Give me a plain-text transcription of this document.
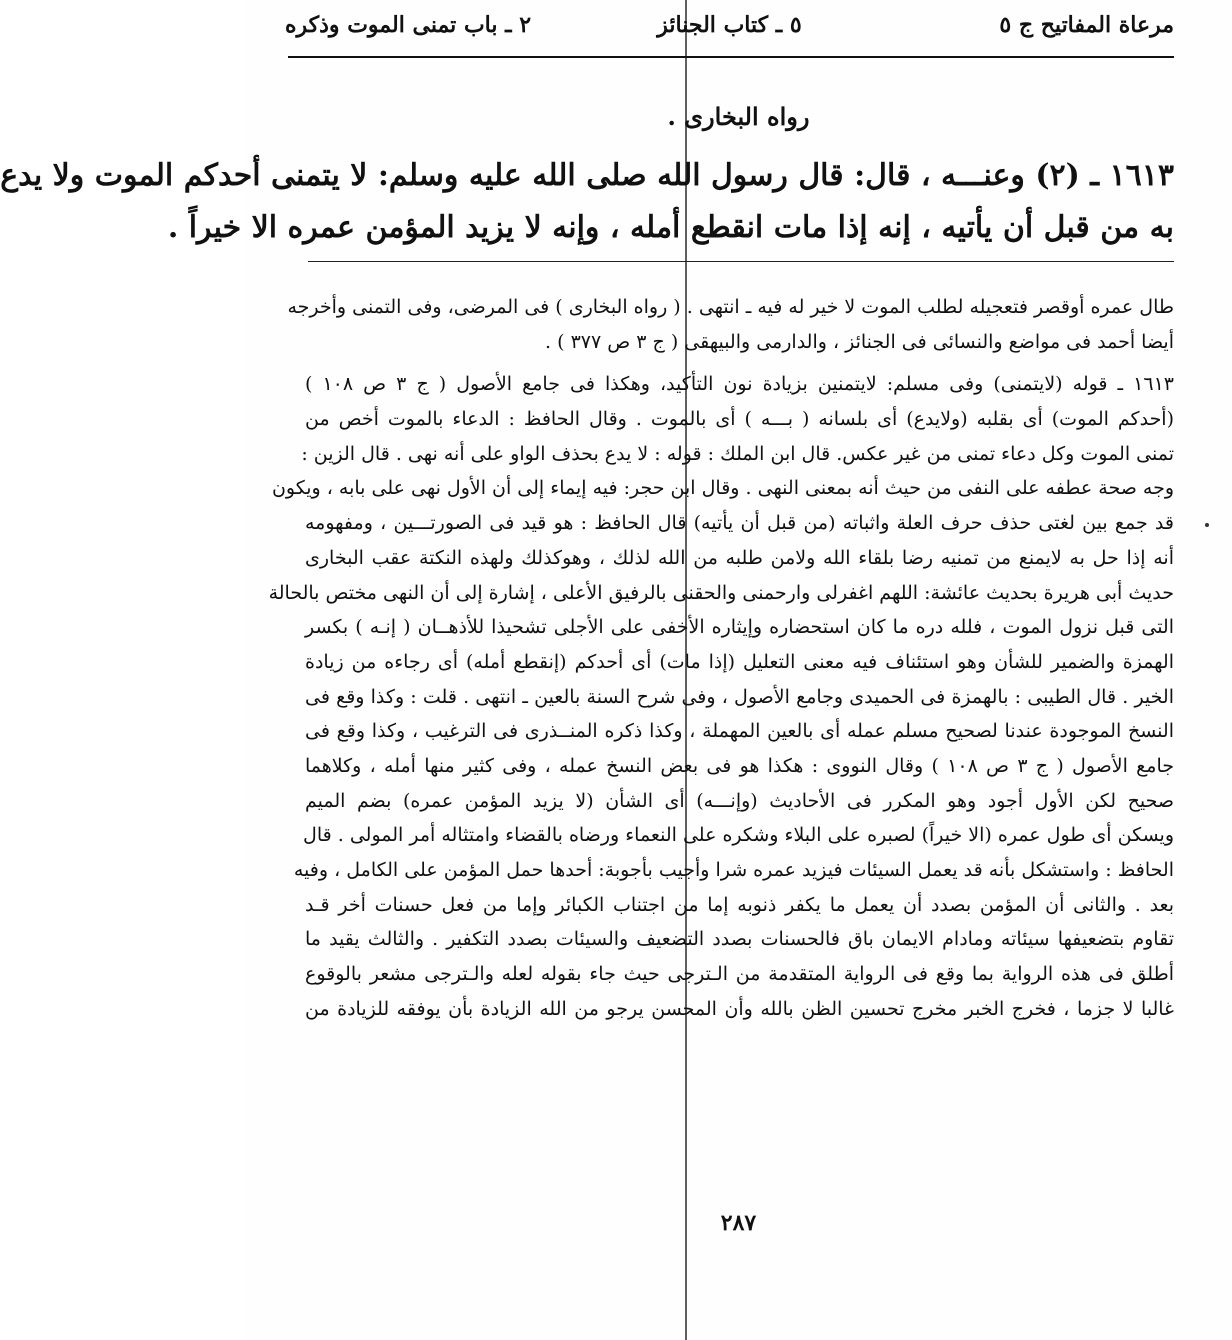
مرعاة المفاتيح ج ٥
٥ ـ كتاب الجنائز
٢ ـ باب تمنى الموت وذكره
رواه البخارى .
١٦١٣ ـ (٢) وعنـــه ، قال: قال رسول الله صلى الله عليه وسلم: لا يتمنى أحدكم الموت ولا يدع
به من قبل أن يأتيه ، إنه إذا مات انقطع أمله ، وإنه لا يزيد المؤمن عمره الا خيراً .
طال عمره أوقصر فتعجيله لطلب الموت لا خير له فيه ـ انتهى . ( رواه البخارى ) فى المرضى، وفى التمنى وأخرجه
أيضا أحمد فى مواضع والنسائى فى الجنائز ، والدارمى والبيهقى ( ج ٣ ص ٣٧٧ ) .
١٦١٣ ـ قوله (لايتمنى) وفى مسلم: لايتمنين بزيادة نون التأكيد، وهكذا فى جامع الأصول ( ج ٣ ص ١٠٨ )
(أحدكم الموت) أى بقلبه (ولايدع) أى بلسانه ( بـــه ) أى بالموت . وقال الحافظ : الدعاء بالموت أخص من
تمنى الموت وكل دعاء تمنى من غير عكس. قال ابن الملك : قوله : لا يدع بحذف الواو على أنه نهى . قال الزين :
وجه صحة عطفه على النفى من حيث أنه بمعنى النهى . وقال ابن حجر: فيه إيماء إلى أن الأول نهى على بابه ، ويكون
قد جمع بين لغتى حذف حرف العلة واثباته (من قبل أن يأتيه) قال الحافظ : هو قيد فى الصورتـــين ، ومفهومه
أنه إذا حل به لايمنع من تمنيه رضا بلقاء الله ولامن طلبه من الله لذلك ، وهوكذلك ولهذه النكتة عقب البخارى
حديث أبى هريرة بحديث عائشة: اللهم اغفرلى وارحمنى والحقنى بالرفيق الأعلى ، إشارة إلى أن النهى مختص بالحالة
التى قبل نزول الموت ، فلله دره ما كان استحضاره وإيثاره الأخفى على الأجلى تشحيذا للأذهــان ( إنـه ) بكسر
الهمزة والضمير للشأن وهو استئناف فيه معنى التعليل (إذا مات) أى أحدكم (إنقطع أمله) أى رجاءه من زيادة
الخير . قال الطيبى : بالهمزة فى الحميدى وجامع الأصول ، وفى شرح السنة بالعين ـ انتهى . قلت : وكذا وقع فى
النسخ الموجودة عندنا لصحيح مسلم عمله أى بالعين المهملة ، وكذا ذكره المنــذرى فى الترغيب ، وكذا وقع فى
جامع الأصول ( ج ٣ ص ١٠٨ ) وقال النووى : هكذا هو فى بعض النسخ عمله ، وفى كثير منها أمله ، وكلاهما
صحيح لكن الأول أجود وهو المكرر فى الأحاديث (وإنـــه) أى الشأن (لا يزيد المؤمن عمره) بضم الميم
ويسكن أى طول عمره (الا خيراً) لصبره على البلاء وشكره على النعماء ورضاه بالقضاء وامتثاله أمر المولى . قال
الحافظ : واستشكل بأنه قد يعمل السيئات فيزيد عمره شرا وأجيب بأجوبة: أحدها حمل المؤمن على الكامل ، وفيه
بعد . والثانى أن المؤمن بصدد أن يعمل ما يكفر ذنوبه إما من اجتناب الكبائر وإما من فعل حسنات أخر قـد
تقاوم بتضعيفها سيئاته ومادام الايمان باق فالحسنات بصدد التضعيف والسيئات بصدد التكفير . والثالث يقيد ما
أطلق فى هذه الرواية بما وقع فى الرواية المتقدمة من الـترجى حيث جاء بقوله لعله والـترجى مشعر بالوقوع
غالبا لا جزما ، فخرج الخبر مخرج تحسين الظن بالله وأن المحسن يرجو من الله الزيادة بأن يوفقه للزيادة من
٢٨٧
